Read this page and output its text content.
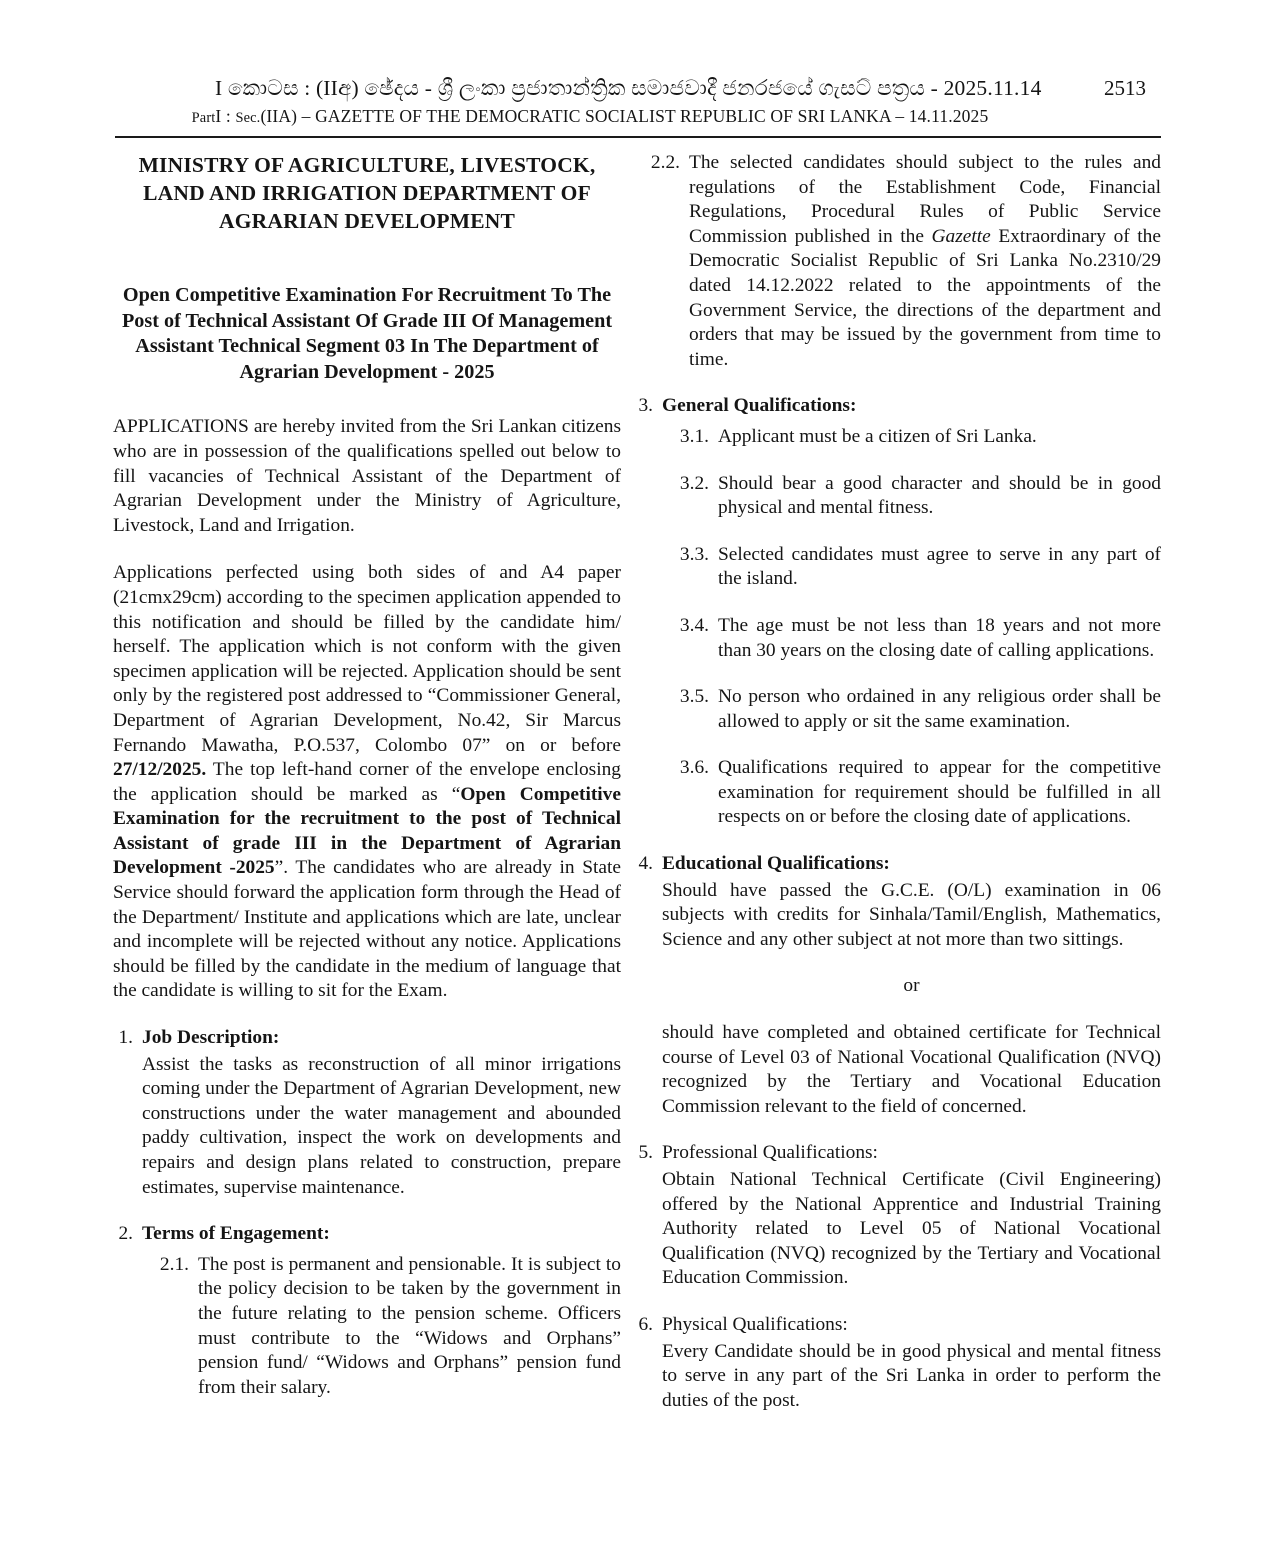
I කොටස : (IIඅ) ඡේදය - ශ්‍රී ලංකා ප්‍රජාතාන්ත්‍රික සමාජවාදී ජනරජයේ ගැසට් පත්‍රය - 2025.11.14	2513
PartI : Sec.(IIA) – GAZETTE OF THE DEMOCRATIC SOCIALIST REPUBLIC OF SRI LANKA – 14.11.2025
MINISTRY OF AGRICULTURE, LIVESTOCK, LAND AND IRRIGATION DEPARTMENT OF AGRARIAN DEVELOPMENT
Open Competitive Examination For Recruitment To The Post of Technical Assistant Of Grade III Of Management Assistant Technical Segment 03 In The Department of Agrarian Development - 2025

APPLICATIONS are hereby invited from the Sri Lankan citizens who are in possession of the qualifications spelled out below to fill vacancies of Technical Assistant of the Department of Agrarian Development under the Ministry of Agriculture, Livestock, Land and Irrigation.

Applications perfected using both sides of and A4 paper (21cmx29cm) according to the specimen application appended to this notification and should be filled by the candidate him/ herself. The application which is not conform with the given specimen application will be rejected. Application should be sent only by the registered post addressed to “Commissioner General, Department of Agrarian Development, No.42, Sir Marcus Fernando Mawatha, P.O.537, Colombo 07” on or before 27/12/2025. The top left-hand corner of the envelope enclosing the application should be marked as “Open Competitive Examination for the recruitment to the post of Technical Assistant of grade III in the Department of Agrarian Development -2025”. The candidates who are already in State Service should forward the application form through the Head of the Department/ Institute and applications which are late, unclear and incomplete will be rejected without any notice. Applications should be filled by the candidate in the medium of language that the candidate is willing to sit for the Exam.

1. Job Description:
Assist the tasks as reconstruction of all minor irrigations coming under the Department of Agrarian Development, new constructions under the water management and abounded paddy cultivation, inspect the work on developments and repairs and design plans related to construction, prepare estimates, supervise maintenance.
2. Terms of Engagement:
2.1. The post is permanent and pensionable. It is subject to the policy decision to be taken by the government in the future relating to the pension scheme. Officers must contribute to the “Widows and Orphans” pension fund/ “Widows and Orphans” pension fund from their salary.
2.2. The selected candidates should subject to the rules and regulations of the Establishment Code, Financial Regulations, Procedural Rules of Public Service Commission published in the Gazette Extraordinary of the Democratic Socialist Republic of Sri Lanka No.2310/29 dated 14.12.2022 related to the appointments of the Government Service, the directions of the department and orders that may be issued by the government from time to time.
3. General Qualifications:
3.1. Applicant must be a citizen of Sri Lanka.
3.2. Should bear a good character and should be in good physical and mental fitness.
3.3. Selected candidates must agree to serve in any part of the island.
3.4. The age must be not less than 18 years and not more than 30 years on the closing date of calling applications.
3.5. No person who ordained in any religious order shall be allowed to apply or sit the same examination.
3.6. Qualifications required to appear for the competitive examination for requirement should be fulfilled in all respects on or before the closing date of applications.
4. Educational Qualifications:
Should have passed the G.C.E. (O/L) examination in 06 subjects with credits for Sinhala/Tamil/English, Mathematics, Science and any other subject at not more than two sittings.
or
should have completed and obtained certificate for Technical course of Level 03 of National Vocational Qualification (NVQ) recognized by the Tertiary and Vocational Education Commission relevant to the field of concerned.
5. Professional Qualifications:
Obtain National Technical Certificate (Civil Engineering) offered by the National Apprentice and Industrial Training Authority related to Level 05 of National Vocational Qualification (NVQ) recognized by the Tertiary and Vocational Education Commission.
6. Physical Qualifications:
Every Candidate should be in good physical and mental fitness to serve in any part of the Sri Lanka in order to perform the duties of the post.
